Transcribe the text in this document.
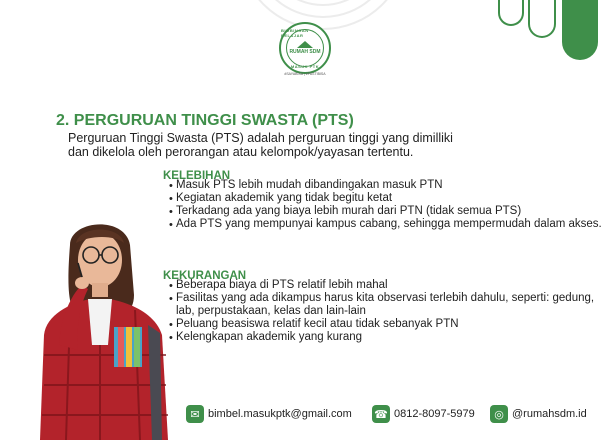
RUMAH SDM
BIMBINGAN BELAJAR
MASUK PTK
#SAYABISA | #PASTIBISA
2. PERGURUAN TINGGI SWASTA (PTS)
Perguruan Tinggi Swasta (PTS) adalah perguruan tinggi yang dimilliki dan dikelola oleh perorangan atau kelompok/yayasan tertentu.
KELEBIHAN
• Masuk PTS lebih mudah dibandingakan masuk PTN
• Kegiatan akademik yang tidak begitu ketat
• Terkadang ada yang biaya lebih murah dari PTN (tidak semua PTS)
• Ada PTS yang mempunyai kampus cabang, sehingga mempermudah dalam akses.
KEKURANGAN
• Beberapa biaya di PTS relatif lebih mahal
• Fasilitas yang ada dikampus harus kita observasi terlebih dahulu, seperti: gedung, lab, perpustakaan, kelas dan lain-lain
• Peluang beasiswa relatif kecil atau tidak sebanyak PTN
• Kelengkapan akademik yang kurang
✉ bimbel.masukptk@gmail.com ☎ 0812-8097-5979	◎ @rumahsdm.id
